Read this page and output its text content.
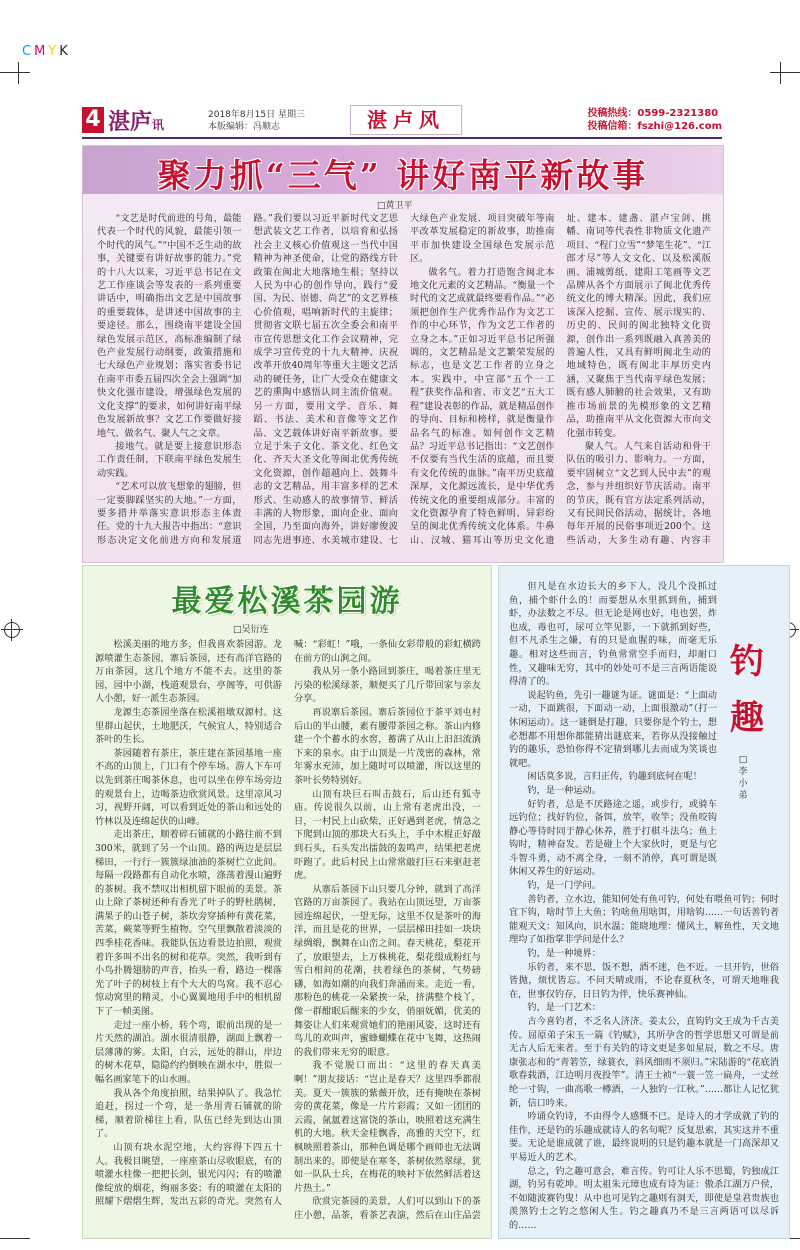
CMYK
4 湛庐讯
2018年8月15日 星期三
本版编辑：冯顺志	湛卢风	投稿热线：0599-2321380
投稿信箱：fszhi@126.com
聚力抓“三气” 讲好南平新故事
□黄卫平

“文艺是时代前进的号角，最能代表一个时代的风貌，最能引领一个时代的风气。”“中国不乏生动的故事，关键要有讲好故事的能力。”党的十八大以来，习近平总书记在文艺工作座谈会等发表的一系列重要讲话中，明确指出文艺是中国故事的重要载体，是讲述中国故事的主要途径。那么，围绕南平建设全国绿色发展示范区，高标准编制了绿色产业发展行动纲要，政策措施和七大绿色产业规划；落实省委书记在南平市委五届四次全会上强调“加快文化强市建设，增强绿色发展的文化支撑”的要求，如何讲好南平绿色发展新故事？文艺工作要做好接地气、做名气、聚人气之文章。

接地气。就是要上接意识形态工作责任制，下联南平绿色发展生动实践。

“艺术可以放飞想象的翅膀，但一定要脚踩坚实的大地。”一方面，要多措并举落实意识形态主体责任。党的十九大报告中指出：“意识形态决定文化前进方向和发展道路。”我们要以习近平新时代文艺思想武装文艺工作者，以培育和弘扬社会主义核心价值观这一当代中国精神为神圣使命，让党的路线方针政策在闽北大地落地生根；坚持以人民为中心的创作导向，践行“爱国、为民、崇德、尚艺”的文艺界核心价值观，唱响新时代的主旋律；贯彻省文联七届五次全委会和南平市宣传思想文化工作会议精神，完成学习宣传党的十九大精神、庆祝改革开放40周年等重大主题文艺活动的硬任务，让广大受众在健康文艺的熏陶中感悟认同主流价值观。另一方面，要用文学、音乐、舞蹈、书法、美术和音像等文艺作品、文艺载体讲好南平新故事。要立足于朱子文化、茶文化、红色文化、齐天大圣文化等闽北优秀传统文化资源，创作超越向上、鼓舞斗志的文艺精品，用丰富多样的艺术形式、生动感人的故事情节、鲜活丰满的人物形象，面向企业、面向全国，乃至面向海外，讲好廖俊波同志先进事迹、水美城市建设、七大绿色产业发展、项目突破年等南平改革发展稳定的新故事，助推南平市加快建设全国绿色发展示范区。

做名气。着力打造饱含闽北本地文化元素的文艺精品。“衡量一个时代的文艺成就最终要看作品。”“必须把创作生产优秀作品作为文艺工作的中心环节，作为文艺工作者的立身之本。”正如习近平总书记所强调的，文艺精品是文艺繁荣发展的标志，也是文艺工作者的立身之本。实践中，中宣部“五个一工程”获奖作品和省、市文艺“五大工程”建设表彰的作品，就是精品创作的导向、目标和榜样，就是衡量作品名气的标准。如何创作文艺精品？习近平总书记指出：“文艺创作不仅要有当代生活的底蕴，而且要有文化传统的血脉。”南平历史底蕴深厚，文化源远流长，是中华优秀传统文化的重要组成部分。丰富的文化资源孕育了特色鲜明、异彩纷呈的闽北优秀传统文化体系。牛鼻山、汉城、猫耳山等历史文化遗址、建本、建盏、湛卢宝剑、挑幡、南词等代表性非物质文化遗产项目、“程门立雪”“梦笔生花”、“江郎才尽”等人文文化、以及松溪版画、浦城剪纸、建阳工笔画等文艺品牌从各个方面展示了闽北优秀传统文化的博大精深。因此，我们应该深入挖掘、宣传、展示现实的、历史的、民间的闽北独特文化资源，创作出一系列既融入真善美的普遍人性，又具有鲜明闽北生动的地域特色，既有闽北丰厚历史内涵，又聚焦于当代南平绿色发展；既有感人肺腑的社会效果，又有助推市场前景的先模形象的文艺精品，助推南平从文化资源大市向文化强市转变。

聚人气。人气来自活动和骨干队伍的吸引力、影响力。一方面，要牢固树立“文艺到人民中去”的观念，参与并组织好节庆活动。南平的节庆，既有官方法定系列活动，又有民间民俗活动，据统计，各地每年开展的民俗事项近200个。这些活动，大多生动有趣、内容丰

最爱松溪茶园游
□吴衍连

松溪美丽的地方多，但我喜欢茶园游。龙源喷灌生态茶园，寨后茶园，还有高洋官路的万亩茶园，这几个地方不能不去。这里的茶园，园中小湖，栈道观景台，亭阁等，可供游人小憩，好一派生态茶园。

龙源生态茶园坐落在松溪祖墩双源村。这里群山起伏，土地肥沃，气候宜人，特别适合茶叶的生长。

茶园随着有茶庄，茶庄建在茶园基地一座不高的山顶上，门口有个停车场。游人下车可以先到茶庄喝茶休息，也可以坐在停车场旁边的观景台上，边喝茶边欣赏风景。这里凉风习习，视野开阔，可以看到近处的茶山和远处的竹林以及连绵起伏的山峰。

走出茶庄，顺着碎石铺就的小路往前不到300米，就到了另一个山顶。路的两边是层层梯田，一行行一簇簇绿油油的茶树伫立此间。每隔一段路都有自动化水喷，涤荡着漫山遍野的茶树。我不禁叹出相机留下眼前的美景。茶山上除了茶树还种有香光了叶子的野杜鹃树，满果子的山苍子树，茶坎旁穿插种有黄花菜，苦菜，蕨菜等野生植物。空气里飘散着淡淡的四季桂花香味。我能队伍边看景边拍照，观赏着许多叫不出名的树和花草。突然，我听到有小鸟扑腾翅膀的声音，抬头一看，路边一棵落光了叶子的树枝上有个大大的鸟窝。我不忍心惊动窝里的精灵，小心翼翼地用手中的相机留下了一帧美图。

走过一座小桥，转个弯，眼前出现的是一片天然的湖泊。湖水很清很静，湖面上飘着一层薄薄的雾。太阳，白云，远处的群山，岸边的树木花草，隐隐约约倒映在湖水中，胜似一幅名画家笔下的山水画。

我从各个角度拍照，结果掉队了。我急忙追赶，拐过一个弯，是一条用青石铺就的阶梯，顺着阶梯往上看，队伍已经先到达山顶了。

山顶有块水泥空地，大约容得下四五十人。我极目眺望，一座座茶山尽收眼底，有的喷灌水柱像一把把长剑，银光闪闪；有的喷灌像绽放的烟花，绚丽多姿；有的喷灌在太阳的照耀下熠熠生辉，发出五彩的奇光。突然有人喊：“彩虹！”哦，一条仙女彩带般的彩虹横跨在前方的山涧之间。

我从另一条小路回到茶庄，喝着茶庄里无污染的松溪绿茶，顺便买了几斤带回家与亲友分享。

再说寨后茶园。寨后茶园位于茶平刘屯村后山的半山腰，素有腰带茶园之称。茶山内修建一个个蓄水的水窖，蓄满了从山上汩汩流淌下来的泉水。由于山顶是一片茂密的森林，常年雾水充沛，加上随时可以喷灌，所以这里的茶叶长势特别好。

山顶有块巨石叫击鼓石，后山还有狐寺庙。传说很久以前，山上常有老虎出没，一日，一村民上山砍柴，正好遇到老虎，情急之下爬到山顶的那块大石头上，手中木棍正好敲到石头，石头发出擂鼓的轰鸣声，结果把老虎吓跑了。此后村民上山常常敲打巨石来驱赶老虎。

从寨后茶园下山只要几分钟，就到了高洋官路的万亩茶园了。我站在山顶远望，万亩茶园连绵起伏，一望无际，这里不仅是茶叶的海洋，而且是花的世界，一层层梯田挂如一块块绿绸缎，飘舞在山峦之间。春天桃花，梨花开了，放眼望去，上万株桃花，梨花缀成粉红与雪白相间的花潮，扶着绿色的茶树，气势磅礴，如海如潮的向我们奔涌而来。走近一看，那粉色的桃花一朵紧挨一朵，挤满整个枝丫，像一群酣眠后醒来的少女，俏丽妩媚，优美的舞姿让人们来观赏她们的艳丽风姿，这时还有鸟儿的欢叫声，蜜蜂蝴蝶在花中飞舞，这热闹的我们带来无穷的眼意。

我不觉脱口而出：“这里的春天真美啊！”朋友接话：“岂止是春天？这里四季都很美。夏天一簇簇的紫薇开放，还有掩映在茶树旁的黄花菜，像是一片片彩霞；又如一团团的云霞，氤氲着这富饶的茶山，映照着这充满生机的大地。秋天金桂飘香，高雅的天空下，红枫映照着茶山，那种色调是哪个画师也无法调制出来的。即使是在寒冬，茶树依然翠绿，犹如一队队士兵，在梅花的映衬下依然鲜活着这片热土。”

欣赏完茶园的美景，人们可以到山下的茶庄小憩，品茶，看茶艺表演，然后在山庄品尝

但凡是在水边长大的乡下人，没几个没抓过鱼，捕个虾什么的！而要想从水里抓到鱼，捕到虾，办法数之不尽。但无论是网也好，电也罢，炸也成，毒也可，尿可立竿见影，一下就抓到好些，但不凡杀生之嫌，有的只是血腥的味，而毫无乐趣。相对这些而言，钓鱼常常空手而归，却耐口性，又趣味无穷，其中的妙处可不是三言两语能说得清了的。

说起钓鱼，先引一趣谜为证。谜面是：“上面动一动，下面跳很，下面动一动，上面很激动”（打一休闲运动）。这一谜倒是打趣，只要你是个钓士，想必想都不用想你都能猜出谜底来，若你从没接触过钓的趣乐，恐怕你得不定猜到哪儿去而成为笑谈也就吧。

闲话莫多说，言归正传，钓趣到底何在呢！

钓，是一种运动。

好钓者，总是不厌路途之遥，或步行，或骑车远钓位；找好钓位，备饵，放竿，收竿；没鱼咬钩静心等待时同于静心休养，胜于打棋斗法乌；鱼上钩时，精神奋发。若是碰上个大家伙时，更是与它斗智斗勇，动不离全身，一刻不消停，真可谓是既休闲又养生的好运动。

钓，是一门学问。

善钓者，立水边，能知何处有鱼可钓，何处有喂鱼可钓；何时宜下钩，啥时节上大鱼；钓啥鱼用啥饵，用啥钩……一句话善钓者能观天文：知风向，识水温；能晓地理：懂风土，解鱼性，天文地理均了如指掌非学问是什么？

钓，是一种境界：

乐钓者，来不思，饭不想，酒不迷，色不近。一旦开钓，世俗皆抛，烦忧皆忘。不问天晴或雨，不论春夏秋冬，可谓天地唯我在，世事仅钓存，日日钓为伴，快乐赛神仙。

钓，是一门艺术：

古今喜钓者，不乏名人济济。姜太公，直钩钓文王成为千古美传。屈原弟子宋玉一篇《钓赋》，其所孕含的哲学思想又可谓是前无古人后无来者。至于有关钓的诗文更是多如星辰，数之不尽。唐康张志和的“青箬笠，绿蓑衣，斜风细雨不须归。”宋陆游的“花底消歌春载酒，江边明月夜投竿”。清王士祯“一蓑一笠一扁舟，一丈丝纶一寸钩，一曲高歌一樽酒，一人独钓一江秋。”……都让人记忆犹新，信口吟来。

吟诵众钓诗，不由得令人感慨不已。是诗人的才学成就了钓的佳作，还是钓的乐趣成就诗人的名句呢？反复思索，其实这并不重要。无论是谁成就了谁，最终说明的只是钓趣本就是一门高深却又平易近人的艺术。

总之，钓之趣可意会，难言传。钓可让人乐不思蜀，钓独成江湖，钓另有乾坤。明太祖朱元璋也成有诗为证：傲杀江湖万户侯，不如随波赛钓叟！从中也可见钓之趣则有洞天，即使是皇君贵族也羡煞钓士之钓之悠闲人生。钓之趣真乃不是三言两语可以尽诉的……

钓
趣
□李小弟
